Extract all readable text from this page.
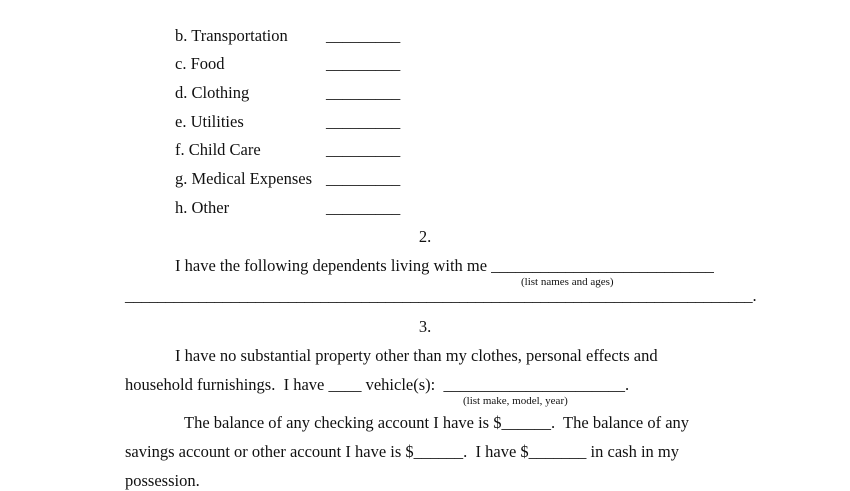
b. Transportation _________
c. Food	_________
d. Clothing	_________
e. Utilities	_________
f. Child Care	_________
g. Medical Expenses _________
h. Other	_________
2.
I have the following dependents living with me ___________________________
(list names and ages)
_____________________________________________________________________________.
3.
I have no substantial property other than my clothes, personal effects and
household furnishings.  I have ____ vehicle(s):  ______________________.
(list make, model, year)
The balance of any checking account I have is $______.  The balance of any
savings account or other account I have is $______.  I have $_______ in cash in my
possession.
